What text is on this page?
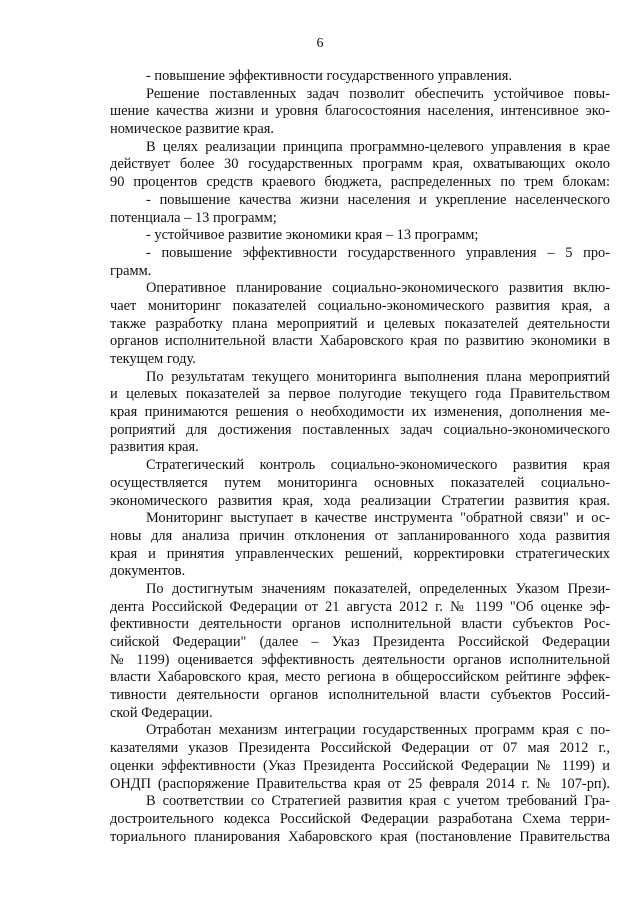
6
- повышение эффективности государственного управления.
Решение поставленных задач позволит обеспечить устойчивое повы-
шение качества жизни и уровня благосостояния населения, интенсивное эко-
номическое развитие края.
В целях реализации принципа программно-целевого управления в крае
действует более 30 государственных программ края, охватывающих около
90 процентов средств краевого бюджета, распределенных по трем блокам:
- повышение качества жизни населения и укрепление населенческого
потенциала – 13 программ;
- устойчивое развитие экономики края – 13 программ;
- повышение эффективности государственного управления – 5 про-
грамм.
Оперативное планирование социально-экономического развития вклю-
чает мониторинг показателей социально-экономического развития края, а
также разработку плана мероприятий и целевых показателей деятельности
органов исполнительной власти Хабаровского края по развитию экономики в
текущем году.
По результатам текущего мониторинга выполнения плана мероприятий
и целевых показателей за первое полугодие текущего года Правительством
края принимаются решения о необходимости их изменения, дополнения ме-
роприятий для достижения поставленных задач социально-экономического
развития края.
Стратегический контроль социально-экономического развития края
осуществляется путем мониторинга основных показателей социально-
экономического развития края, хода реализации Стратегии развития края.
Мониторинг выступает в качестве инструмента "обратной связи" и ос-
новы для анализа причин отклонения от запланированного хода развития
края и принятия управленческих решений, корректировки стратегических
документов.
По достигнутым значениям показателей, определенных Указом Прези-
дента Российской Федерации от 21 августа 2012 г. № 1199 "Об оценке эф-
фективности деятельности органов исполнительной власти субъектов Рос-
сийской Федерации" (далее – Указ Президента Российской Федерации
№ 1199) оценивается эффективность деятельности органов исполнительной
власти Хабаровского края, место региона в общероссийском рейтинге эффек-
тивности деятельности органов исполнительной власти субъектов Россий-
ской Федерации.
Отработан механизм интеграции государственных программ края с по-
казателями указов Президента Российской Федерации от 07 мая 2012 г.,
оценки эффективности (Указ Президента Российской Федерации № 1199) и
ОНДП (распоряжение Правительства края от 25 февраля 2014 г. № 107-рп).
В соответствии со Стратегией развития края с учетом требований Гра-
достроительного кодекса Российской Федерации разработана Схема терри-
ториального планирования Хабаровского края (постановление Правительства
